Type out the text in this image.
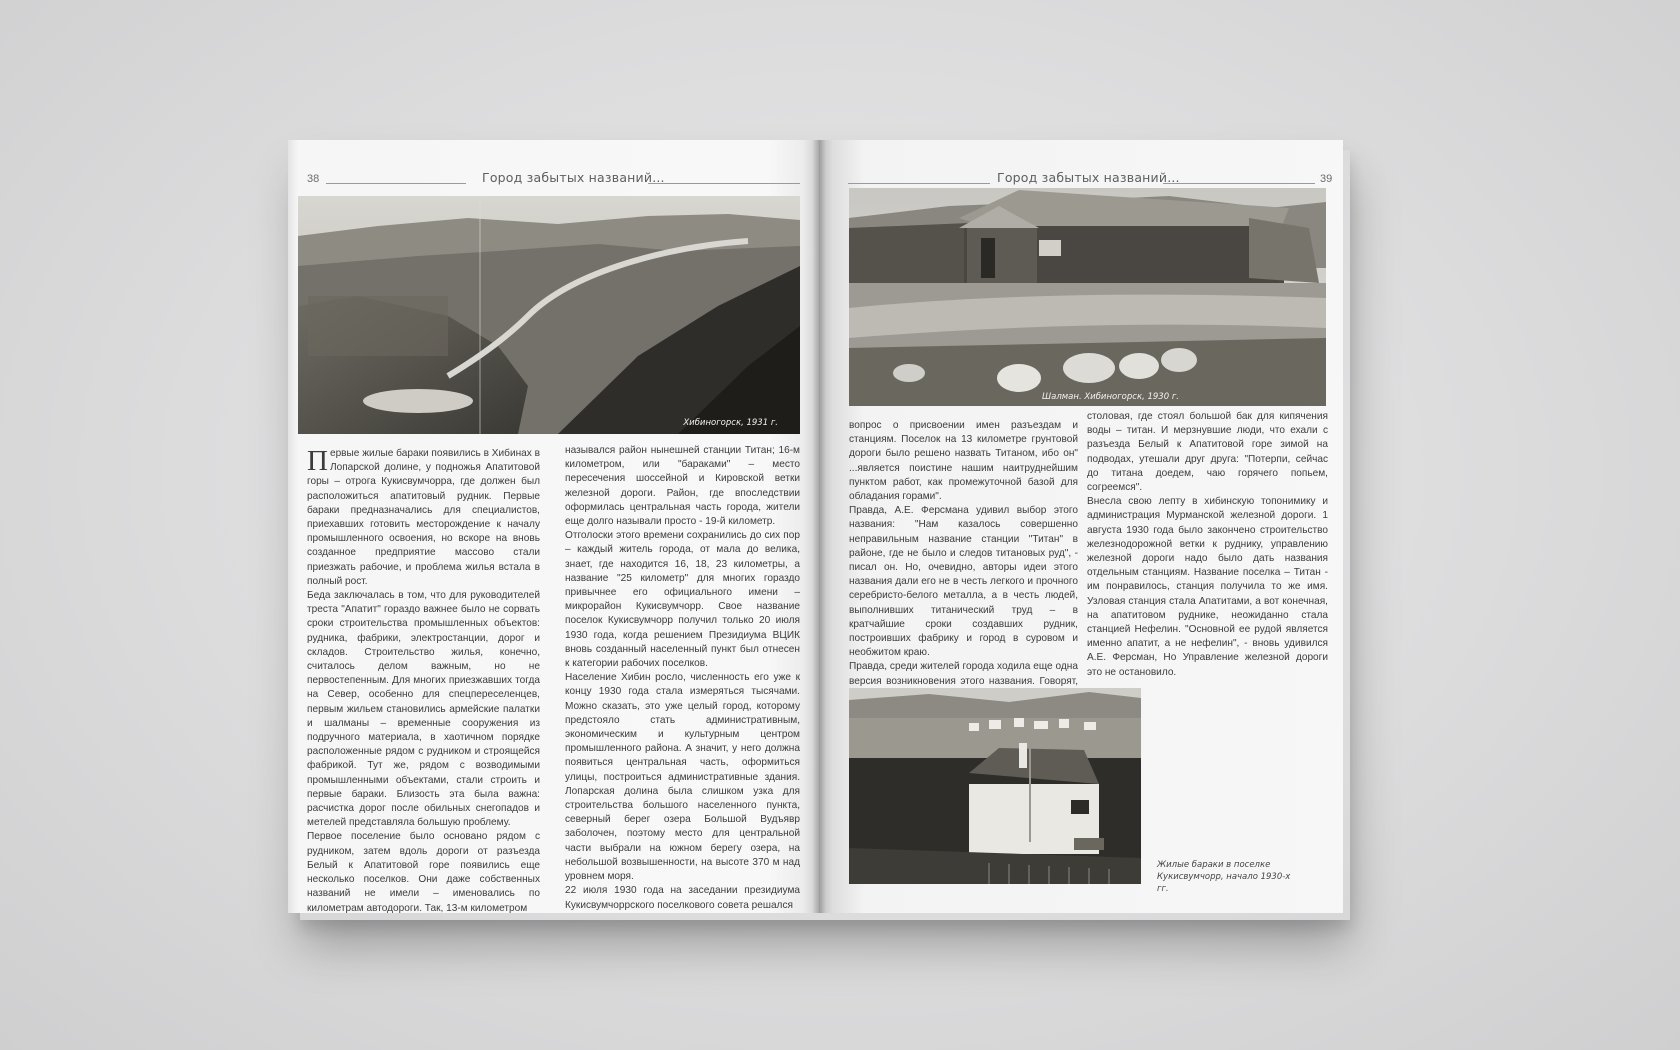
38	Город забытых названий...
Хибиногорск, 1931 г.

Первые жилые бараки появились в Хибинах в Лопарской долине, у подножья Апатитовой горы – отрога Кукисвумчорра, где должен был расположиться апатитовый рудник. Первые бараки предназначались для специалистов, приехавших готовить месторождение к началу промышленного освоения, но вскоре на вновь созданное предприятие массово стали приезжать рабочие, и проблема жилья встала в полный рост.

Беда заключалась в том, что для руководителей треста "Апатит" гораздо важнее было не сорвать сроки строительства промышленных объектов: рудника, фабрики, электростанции, дорог и складов. Строительство жилья, конечно, считалось делом важным, но не первостепенным. Для многих приезжавших тогда на Север, особенно для спецпереселенцев, первым жильем становились армейские палатки и шалманы – временные сооружения из подручного материала, в хаотичном порядке расположенные рядом с рудником и строящейся фабрикой. Тут же, рядом с возводимыми промышленными объектами, стали строить и первые бараки. Близость эта была важна: расчистка дорог после обильных снегопадов и метелей представляла большую проблему.

Первое поселение было основано рядом с рудником, затем вдоль дороги от разъезда Белый к Апатитовой горе появились еще несколько поселков. Они даже собственных названий не имели – именовались по километрам автодороги. Так, 13-м километром

назывался район нынешней станции Титан; 16-м километром, или "бараками" – место пересечения шоссейной и Кировской ветки железной дороги. Район, где впоследствии оформилась центральная часть города, жители еще долго называли просто - 19-й километр.

Отголоски этого времени сохранились до сих пор – каждый житель города, от мала до велика, знает, где находится 16, 18, 23 километры, а название "25 километр" для многих гораздо привычнее его официального имени – микрорайон Кукисвумчорр. Свое название поселок Кукисвумчорр получил только 20 июля 1930 года, когда решением Президиума ВЦИК вновь созданный населенный пункт был отнесен к категории рабочих поселков.

Население Хибин росло, численность его уже к концу 1930 года стала измеряться тысячами. Можно сказать, это уже целый город, которому предстояло стать административным, экономическим и культурным центром промышленного района. А значит, у него должна появиться центральная часть, оформиться улицы, построиться административные здания. Лопарская долина была слишком узка для строительства большого населенного пункта, северный берег озера Большой Вудъявр заболочен, поэтому место для центральной части выбрали на южном берегу озера, на небольшой возвышенности, на высоте 370 м над уровнем моря.

22 июля 1930 года на заседании президиума Кукисвумчоррского поселкового совета решался

Город забытых названий...	39
Шалман. Хибиногорск, 1930 г.

вопрос о присвоении имен разъездам и станциям. Поселок на 13 километре грунтовой дороги было решено назвать Титаном, ибо он" ...является поистине нашим наитруднейшим пунктом работ, как промежуточной базой для обладания горами".

Правда, А.Е. Ферсмана удивил выбор этого названия: "Нам казалось совершенно неправильным название станции "Титан" в районе, где не было и следов титановых руд", - писал он. Но, очевидно, авторы идеи этого названия дали его не в честь легкого и прочного серебристо-белого металла, а в честь людей, выполнивших титанический труд – в кратчайшие сроки создавших рудник, построивших фабрику и город в суровом и необжитом краю.

Правда, среди жителей города ходила еще одна версия возникновения этого названия. Говорят,

столовая, где стоял большой бак для кипячения воды – титан. И мерзнувшие люди, что ехали с разъезда Белый к Апатитовой горе зимой на подводах, утешали друг друга: "Потерпи, сейчас до титана доедем, чаю горячего попьем, согреемся".

Внесла свою лепту в хибинскую топонимику и администрация Мурманской железной дороги. 1 августа 1930 года было закончено строительство железнодорожной ветки к руднику, управлению железной дороги надо было дать названия отдельным станциям. Название поселка – Титан - им понравилось, станция получила то же имя. Узловая станция стала Апатитами, а вот конечная, на апатитовом руднике, неожиданно стала станцией Нефелин. "Основной ее рудой является именно апатит, а не нефелин", - вновь удивился А.Е. Ферсман, Но Управление железной дороги это не остановило.

Жилые бараки в поселке Кукисвумчорр, начало 1930-х гг.
